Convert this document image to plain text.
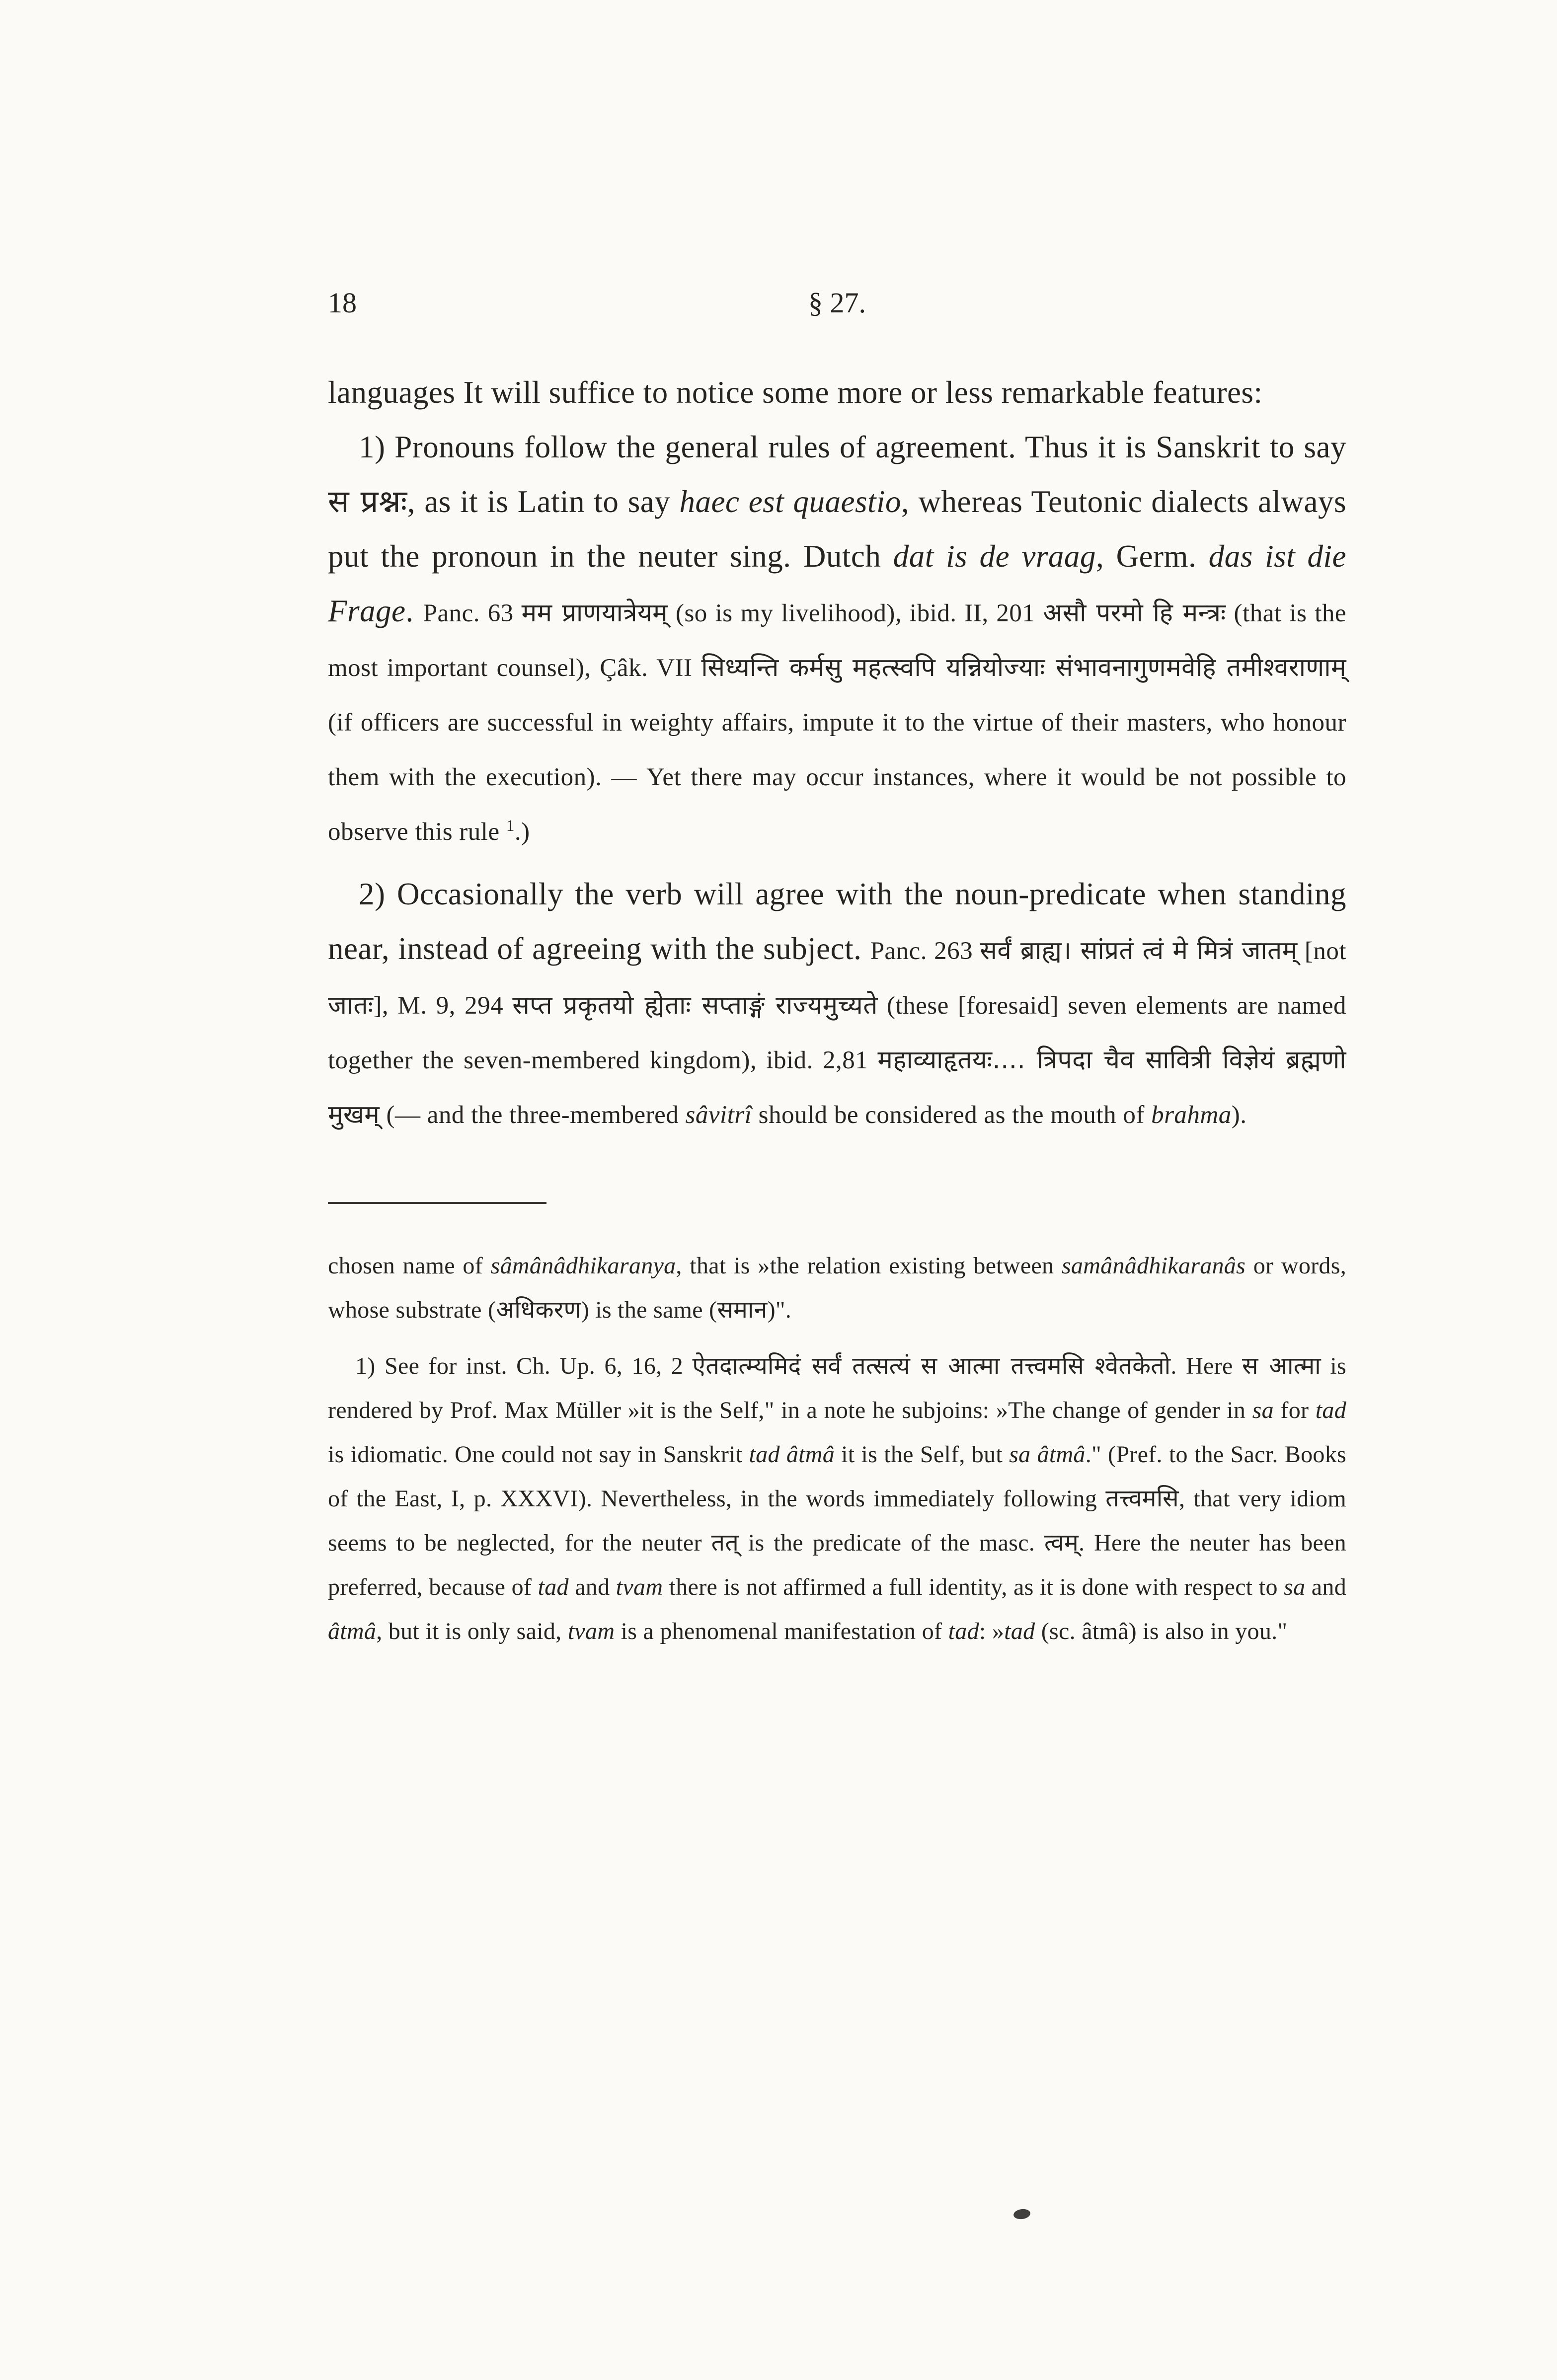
18	§ 27.

languages It will suffice to notice some more or less remarkable features:

1) Pronouns follow the general rules of agreement. Thus it is Sanskrit to say स प्रश्नः, as it is Latin to say haec est quaestio, whereas Teutonic dialects always put the pronoun in the neuter sing. Dutch dat is de vraag, Germ. das ist die Frage. Panc. 63 मम प्राणयात्रेयम् (so is my livelihood), ibid. II, 201 असौ परमो हि मन्त्रः (that is the most important counsel), Çâk. VII सिध्यन्ति कर्मसु महत्स्वपि यन्नियोज्याः संभावनागुणमवेहि तमीश्वराणाम् (if officers are successful in weighty affairs, impute it to the virtue of their masters, who honour them with the execution). — Yet there may occur instances, where it would be not possible to observe this rule $^1$.)

2) Occasionally the verb will agree with the noun-predicate when standing near, instead of agreeing with the subject. Panc. 263 सर्वं ब्राह्य। सांप्रतं त्वं मे मित्रं जातम् [not जातः], M. 9, 294 सप्त प्रकृतयो ह्येताः सप्ताङ्गं राज्यमुच्यते (these [foresaid] seven elements are named together the seven-membered kingdom), ibid. 2,81 महाव्याहृतयः.... त्रिपदा चैव सावित्री विज्ञेयं ब्रह्मणो मुखम् (— and the three-membered sâvitrî should be considered as the mouth of brahma).

chosen name of sâmânâdhikaranya, that is »the relation existing between samânâdhikaranâs or words, whose substrate (अधिकरण) is the same (समान)".

1) See for inst. Ch. Up. 6, 16, 2 ऐतदात्म्यमिदं सर्वं तत्सत्यं स आत्मा तत्त्वमसि श्वेतकेतो. Here स आत्मा is rendered by Prof. Max Müller »it is the Self," in a note he subjoins: »The change of gender in sa for tad is idiomatic. One could not say in Sanskrit tad âtmâ it is the Self, but sa âtmâ." (Pref. to the Sacr. Books of the East, I, p. XXXVI). Nevertheless, in the words immediately following तत्त्वमसि, that very idiom seems to be neglected, for the neuter तत् is the predicate of the masc. त्वम्. Here the neuter has been preferred, because of tad and tvam there is not affirmed a full identity, as it is done with respect to sa and âtmâ, but it is only said, tvam is a phenomenal manifestation of tad: »tad (sc. âtmâ) is also in you."
